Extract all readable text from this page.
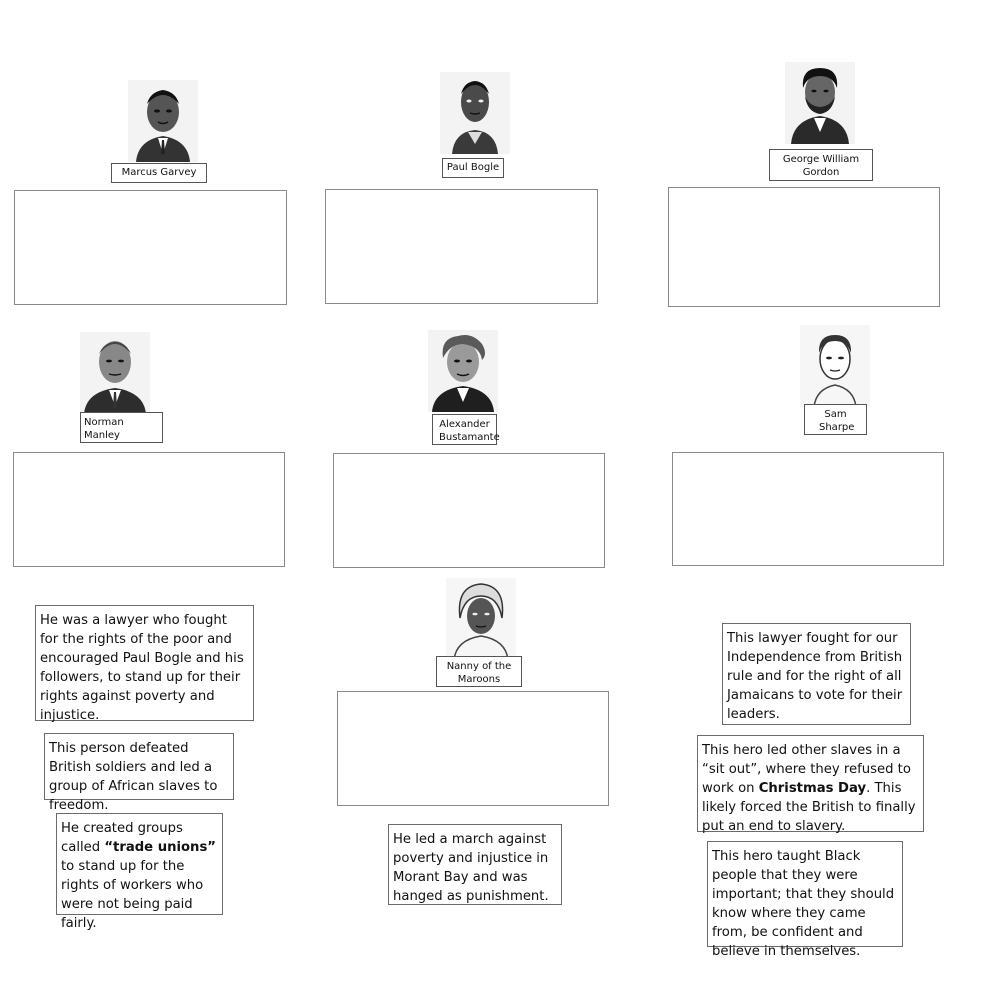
Marcus Garvey	Paul Bogle
George William Gordon
Norman Manley
Alexander Bustamante
Sam Sharpe
Nanny of the Maroons
He was a lawyer who fought for the rights of the poor and encouraged Paul Bogle and his followers, to stand up for their rights against poverty and injustice.
This person defeated British soldiers and led a group of African slaves to freedom.
He created groups called “trade unions” to stand up for the rights of workers who were not being paid fairly.
He led a march against poverty and injustice in Morant Bay and was hanged as punishment.
This lawyer fought for our Independence from British rule and for the right of all Jamaicans to vote for their leaders.
This hero led other slaves in a “sit out”, where they refused to work on Christmas Day. This likely forced the British to finally put an end to slavery.
This hero taught Black people that they were important; that they should know where they came from, be confident and believe in themselves.
